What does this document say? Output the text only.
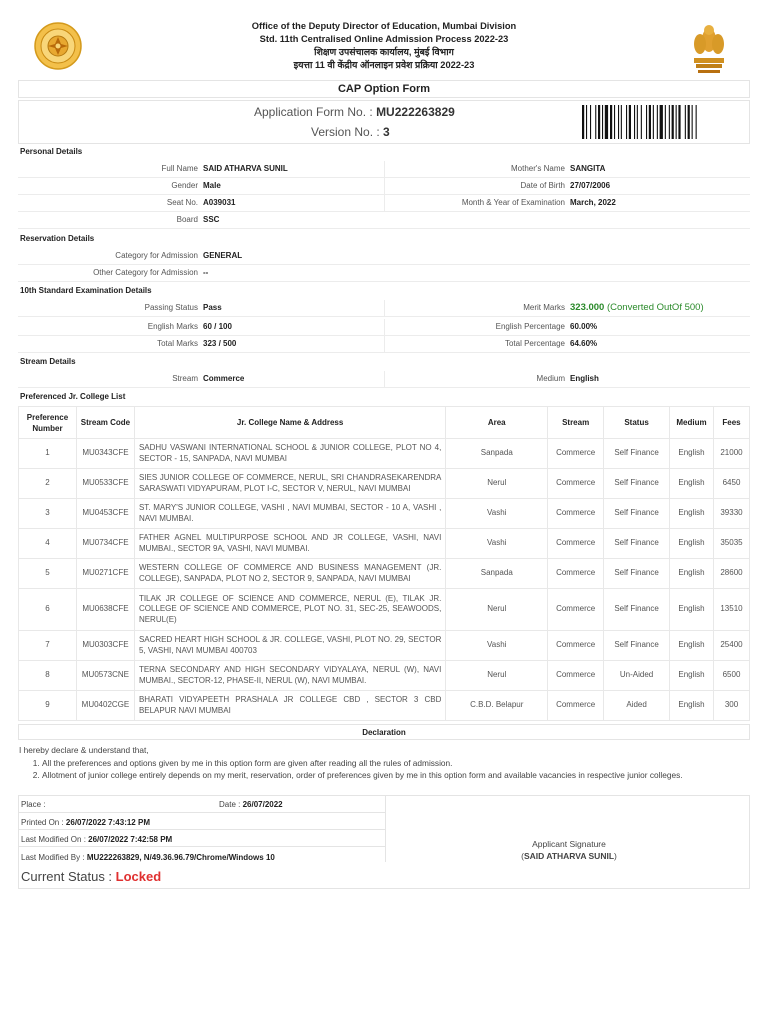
Office of the Deputy Director of Education, Mumbai Division
Std. 11th Centralised Online Admission Process 2022-23
शिक्षण उपसंचालक कार्यालय, मुंबई विभाग
इयत्ता 11 वी केंद्रीय ऑनलाइन प्रवेश प्रक्रिया 2022-23
CAP Option Form
Application Form No. : MU222263829
Version No. : 3
Personal Details
Full Name SAID ATHARVA SUNIL	Mother's Name SANGITA
Gender Male	Date of Birth 27/07/2006
Seat No. A039031	Month & Year of Examination March, 2022
Board SSC
Reservation Details
Category for Admission GENERAL
Other Category for Admission --
10th Standard Examination Details
Passing Status Pass	Merit Marks 323.000 (Converted OutOf 500)
English Marks 60 / 100	English Percentage 60.00%
Total Marks 323 / 500	Total Percentage 64.60%
Stream Details
Stream Commerce	Medium English
Preferenced Jr. College List
Preference Number	Stream Code	Jr. College Name & Address	Area	Stream	Status	Medium	Fees
1	MU0343CFE	SADHU VASWANI INTERNATIONAL SCHOOL & JUNIOR COLLEGE, PLOT NO 4, SECTOR - 15, SANPADA, NAVI MUMBAI	Sanpada	Commerce	Self Finance	English	21000
2	MU0533CFE	SIES JUNIOR COLLEGE OF COMMERCE, NERUL, SRI CHANDRASEKARENDRA SARASWATI VIDYAPURAM, PLOT I-C, SECTOR V, NERUL, NAVI MUMBAI	Nerul	Commerce	Self Finance	English	6450
3	MU0453CFE	ST. MARY'S JUNIOR COLLEGE, VASHI , NAVI MUMBAI, SECTOR - 10 A, VASHI , NAVI MUMBAI.	Vashi	Commerce	Self Finance	English	39330
4	MU0734CFE	FATHER AGNEL MULTIPURPOSE SCHOOL AND JR COLLEGE, VASHI, NAVI MUMBAI., SECTOR 9A, VASHI, NAVI MUMBAI.	Vashi	Commerce	Self Finance	English	35035
5	MU0271CFE	WESTERN COLLEGE OF COMMERCE AND BUSINESS MANAGEMENT (JR. COLLEGE), SANPADA, PLOT NO 2, SECTOR 9, SANPADA, NAVI MUMBAI	Sanpada	Commerce	Self Finance	English	28600
6	MU0638CFE	TILAK JR COLLEGE OF SCIENCE AND COMMERCE, NERUL (E), TILAK JR. COLLEGE OF SCIENCE AND COMMERCE, PLOT NO. 31, SEC-25, SEAWOODS, NERUL(E)	Nerul	Commerce	Self Finance	English	13510
7	MU0303CFE	SACRED HEART HIGH SCHOOL & JR. COLLEGE, VASHI, PLOT NO. 29, SECTOR 5, VASHI, NAVI MUMBAI 400703	Vashi	Commerce	Self Finance	English	25400
8	MU0573CNE	TERNA SECONDARY AND HIGH SECONDARY VIDYALAYA, NERUL (W), NAVI MUMBAI., SECTOR-12, PHASE-II, NERUL (W), NAVI MUMBAI.	Nerul	Commerce	Un-Aided	English	6500
9	MU0402CGE	BHARATI VIDYAPEETH PRASHALA JR COLLEGE CBD , SECTOR 3 CBD BELAPUR NAVI MUMBAI	C.B.D. Belapur	Commerce	Aided	English	300
Declaration
I hereby declare & understand that,
1. All the preferences and options given by me in this option form are given after reading all the rules of admission.
2. Allotment of junior college entirely depends on my merit, reservation, order of preferences given by me in this option form and available vacancies in respective junior colleges.
Place :	Date : 26/07/2022
Printed On : 26/07/2022 7:43:12 PM
Last Modified On : 26/07/2022 7:42:58 PM
Last Modified By : MU222263829, N/49.36.96.79/Chrome/Windows 10
Applicant Signature
(SAID ATHARVA SUNIL)
Current Status : Locked
